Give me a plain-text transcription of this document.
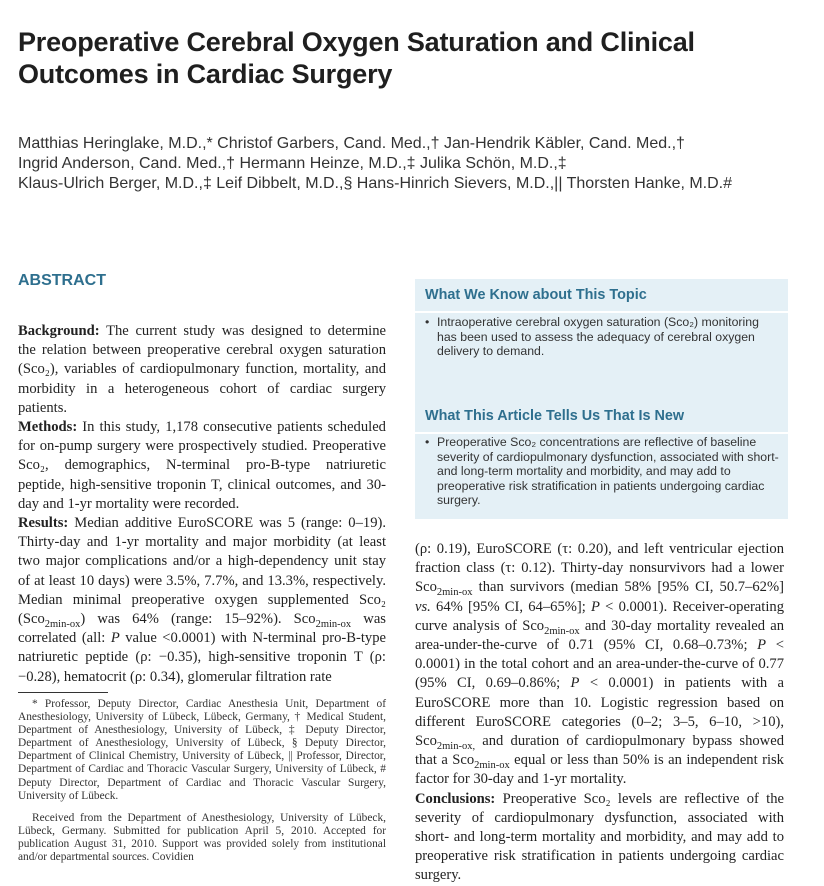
Preoperative Cerebral Oxygen Saturation and Clinical Outcomes in Cardiac Surgery
Matthias Heringlake, M.D.,* Christof Garbers, Cand. Med.,† Jan-Hendrik Käbler, Cand. Med.,†
Ingrid Anderson, Cand. Med.,† Hermann Heinze, M.D.,‡ Julika Schön, M.D.,‡
Klaus-Ulrich Berger, M.D.,‡ Leif Dibbelt, M.D.,§ Hans-Hinrich Sievers, M.D.,|| Thorsten Hanke, M.D.#
ABSTRACT

Background: The current study was designed to determine the relation between preoperative cerebral oxygen saturation (Sco₂), variables of cardiopulmonary function, mortality, and morbidity in a heterogeneous cohort of cardiac surgery patients.

Methods: In this study, 1,178 consecutive patients scheduled for on-pump surgery were prospectively studied. Preoperative Sco₂, demographics, N-terminal pro-B-type natriuretic peptide, high-sensitive troponin T, clinical outcomes, and 30-day and 1-yr mortality were recorded.

Results: Median additive EuroSCORE was 5 (range: 0–19). Thirty-day and 1-yr mortality and major morbidity (at least two major complications and/or a high-dependency unit stay of at least 10 days) were 3.5%, 7.7%, and 13.3%, respectively. Median minimal preoperative oxygen supplemented Sco₂ (Sco$_{2min-ox}$) was 64% (range: 15–92%). Sco$_{2min-ox}$ was correlated (all: P value <0.0001) with N-terminal pro-B-type natriuretic peptide (ρ: −0.35), high-sensitive troponin T (ρ: −0.28), hematocrit (ρ: 0.34), glomerular filtration rate

What We Know about This Topic
• Intraoperative cerebral oxygen saturation (Sco₂) monitoring has been used to assess the adequacy of cerebral oxygen delivery to demand.
What This Article Tells Us That Is New
• Preoperative Sco₂ concentrations are reflective of baseline severity of cardiopulmonary dysfunction, associated with short- and long-term mortality and morbidity, and may add to preoperative risk stratification in patients undergoing cardiac surgery.

(ρ: 0.19), EuroSCORE (τ: 0.20), and left ventricular ejection fraction class (τ: 0.12). Thirty-day nonsurvivors had a lower Sco$_{2min-ox}$ than survivors (median 58% [95% CI, 50.7–62%] vs. 64% [95% CI, 64–65%]; P < 0.0001). Receiver-operating curve analysis of Sco$_{2min-ox}$ and 30-day mortality revealed an area-under-the-curve of 0.71 (95% CI, 0.68–0.73%; P < 0.0001) in the total cohort and an area-under-the-curve of 0.77 (95% CI, 0.69–0.86%; P < 0.0001) in patients with a EuroSCORE more than 10. Logistic regression based on different EuroSCORE categories (0–2; 3–5, 6–10, >10), Sco$_{2min-ox,}$ and duration of cardiopulmonary bypass showed that a Sco$_{2min-ox}$ equal or less than 50% is an independent risk factor for 30-day and 1-yr mortality.

Conclusions: Preoperative Sco₂ levels are reflective of the severity of cardiopulmonary dysfunction, associated with short- and long-term mortality and morbidity, and may add to preoperative risk stratification in patients undergoing cardiac surgery.

* Professor, Deputy Director, Cardiac Anesthesia Unit, Department of Anesthesiology, University of Lübeck, Lübeck, Germany, † Medical Student, Department of Anesthesiology, University of Lübeck, ‡ Deputy Director, Department of Anesthesiology, University of Lübeck, § Deputy Director, Department of Clinical Chemistry, University of Lübeck, || Professor, Director, Department of Cardiac and Thoracic Vascular Surgery, University of Lübeck, # Deputy Director, Department of Cardiac and Thoracic Vascular Surgery, University of Lübeck.

Received from the Department of Anesthesiology, University of Lübeck, Lübeck, Germany. Submitted for publication April 5, 2010. Accepted for publication August 31, 2010. Support was provided solely from institutional and/or departmental sources. Covidien
